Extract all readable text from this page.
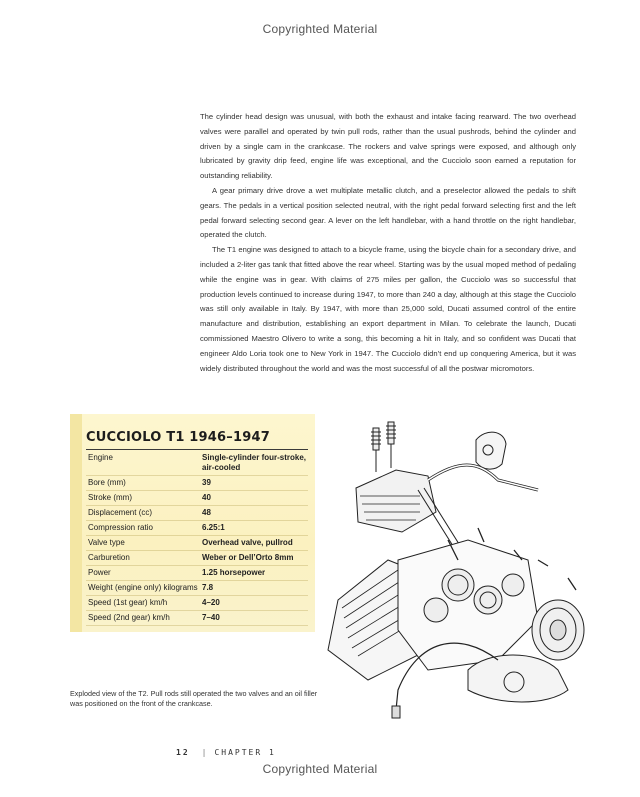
Copyrighted Material

The cylinder head design was unusual, with both the exhaust and intake facing rearward. The two overhead valves were parallel and operated by twin pull rods, rather than the usual pushrods, behind the cylinder and driven by a single cam in the crankcase. The rockers and valve springs were exposed, and although only lubricated by gravity drip feed, engine life was exceptional, and the Cucciolo soon earned a reputation for outstanding reliability.

A gear primary drive drove a wet multiplate metallic clutch, and a preselector allowed the pedals to shift gears. The pedals in a vertical position selected neutral, with the right pedal forward selecting first and the left pedal forward selecting second gear. A lever on the left handlebar, with a hand throttle on the right handlebar, operated the clutch.

The T1 engine was designed to attach to a bicycle frame, using the bicycle chain for a secondary drive, and included a 2-liter gas tank that fitted above the rear wheel. Starting was by the usual moped method of pedaling while the engine was in gear. With claims of 275 miles per gallon, the Cucciolo was so successful that production levels continued to increase during 1947, to more than 240 a day, although at this stage the Cucciolo was still only available in Italy. By 1947, with more than 25,000 sold, Ducati assumed control of the entire manufacture and distribution, establishing an export department in Milan. To celebrate the launch, Ducati commissioned Maestro Olivero to write a song, this becoming a hit in Italy, and so confident was Ducati that engineer Aldo Loria took one to New York in 1947. The Cucciolo didn’t end up conquering America, but it was widely distributed throughout the world and was the most successful of all the postwar micromotors.

CUCCIOLO T1 1946–1947
Engine	Single-cylinder four-stroke, air-cooled
Bore (mm)	39
Stroke (mm)	40
Displacement (cc)	48
Compression ratio	6.25:1
Valve type	Overhead valve, pullrod
Carburetion	Weber or Dell’Orto 8mm
Power	1.25 horsepower
Weight (engine only) kilograms	7.8
Speed (1st gear) km/h	4–20
Speed (2nd gear) km/h	7–40
Exploded view of the T2. Pull rods still operated the two valves and an oil filler was positioned on the front of the crankcase.
12 | CHAPTER 1
Copyrighted Material
